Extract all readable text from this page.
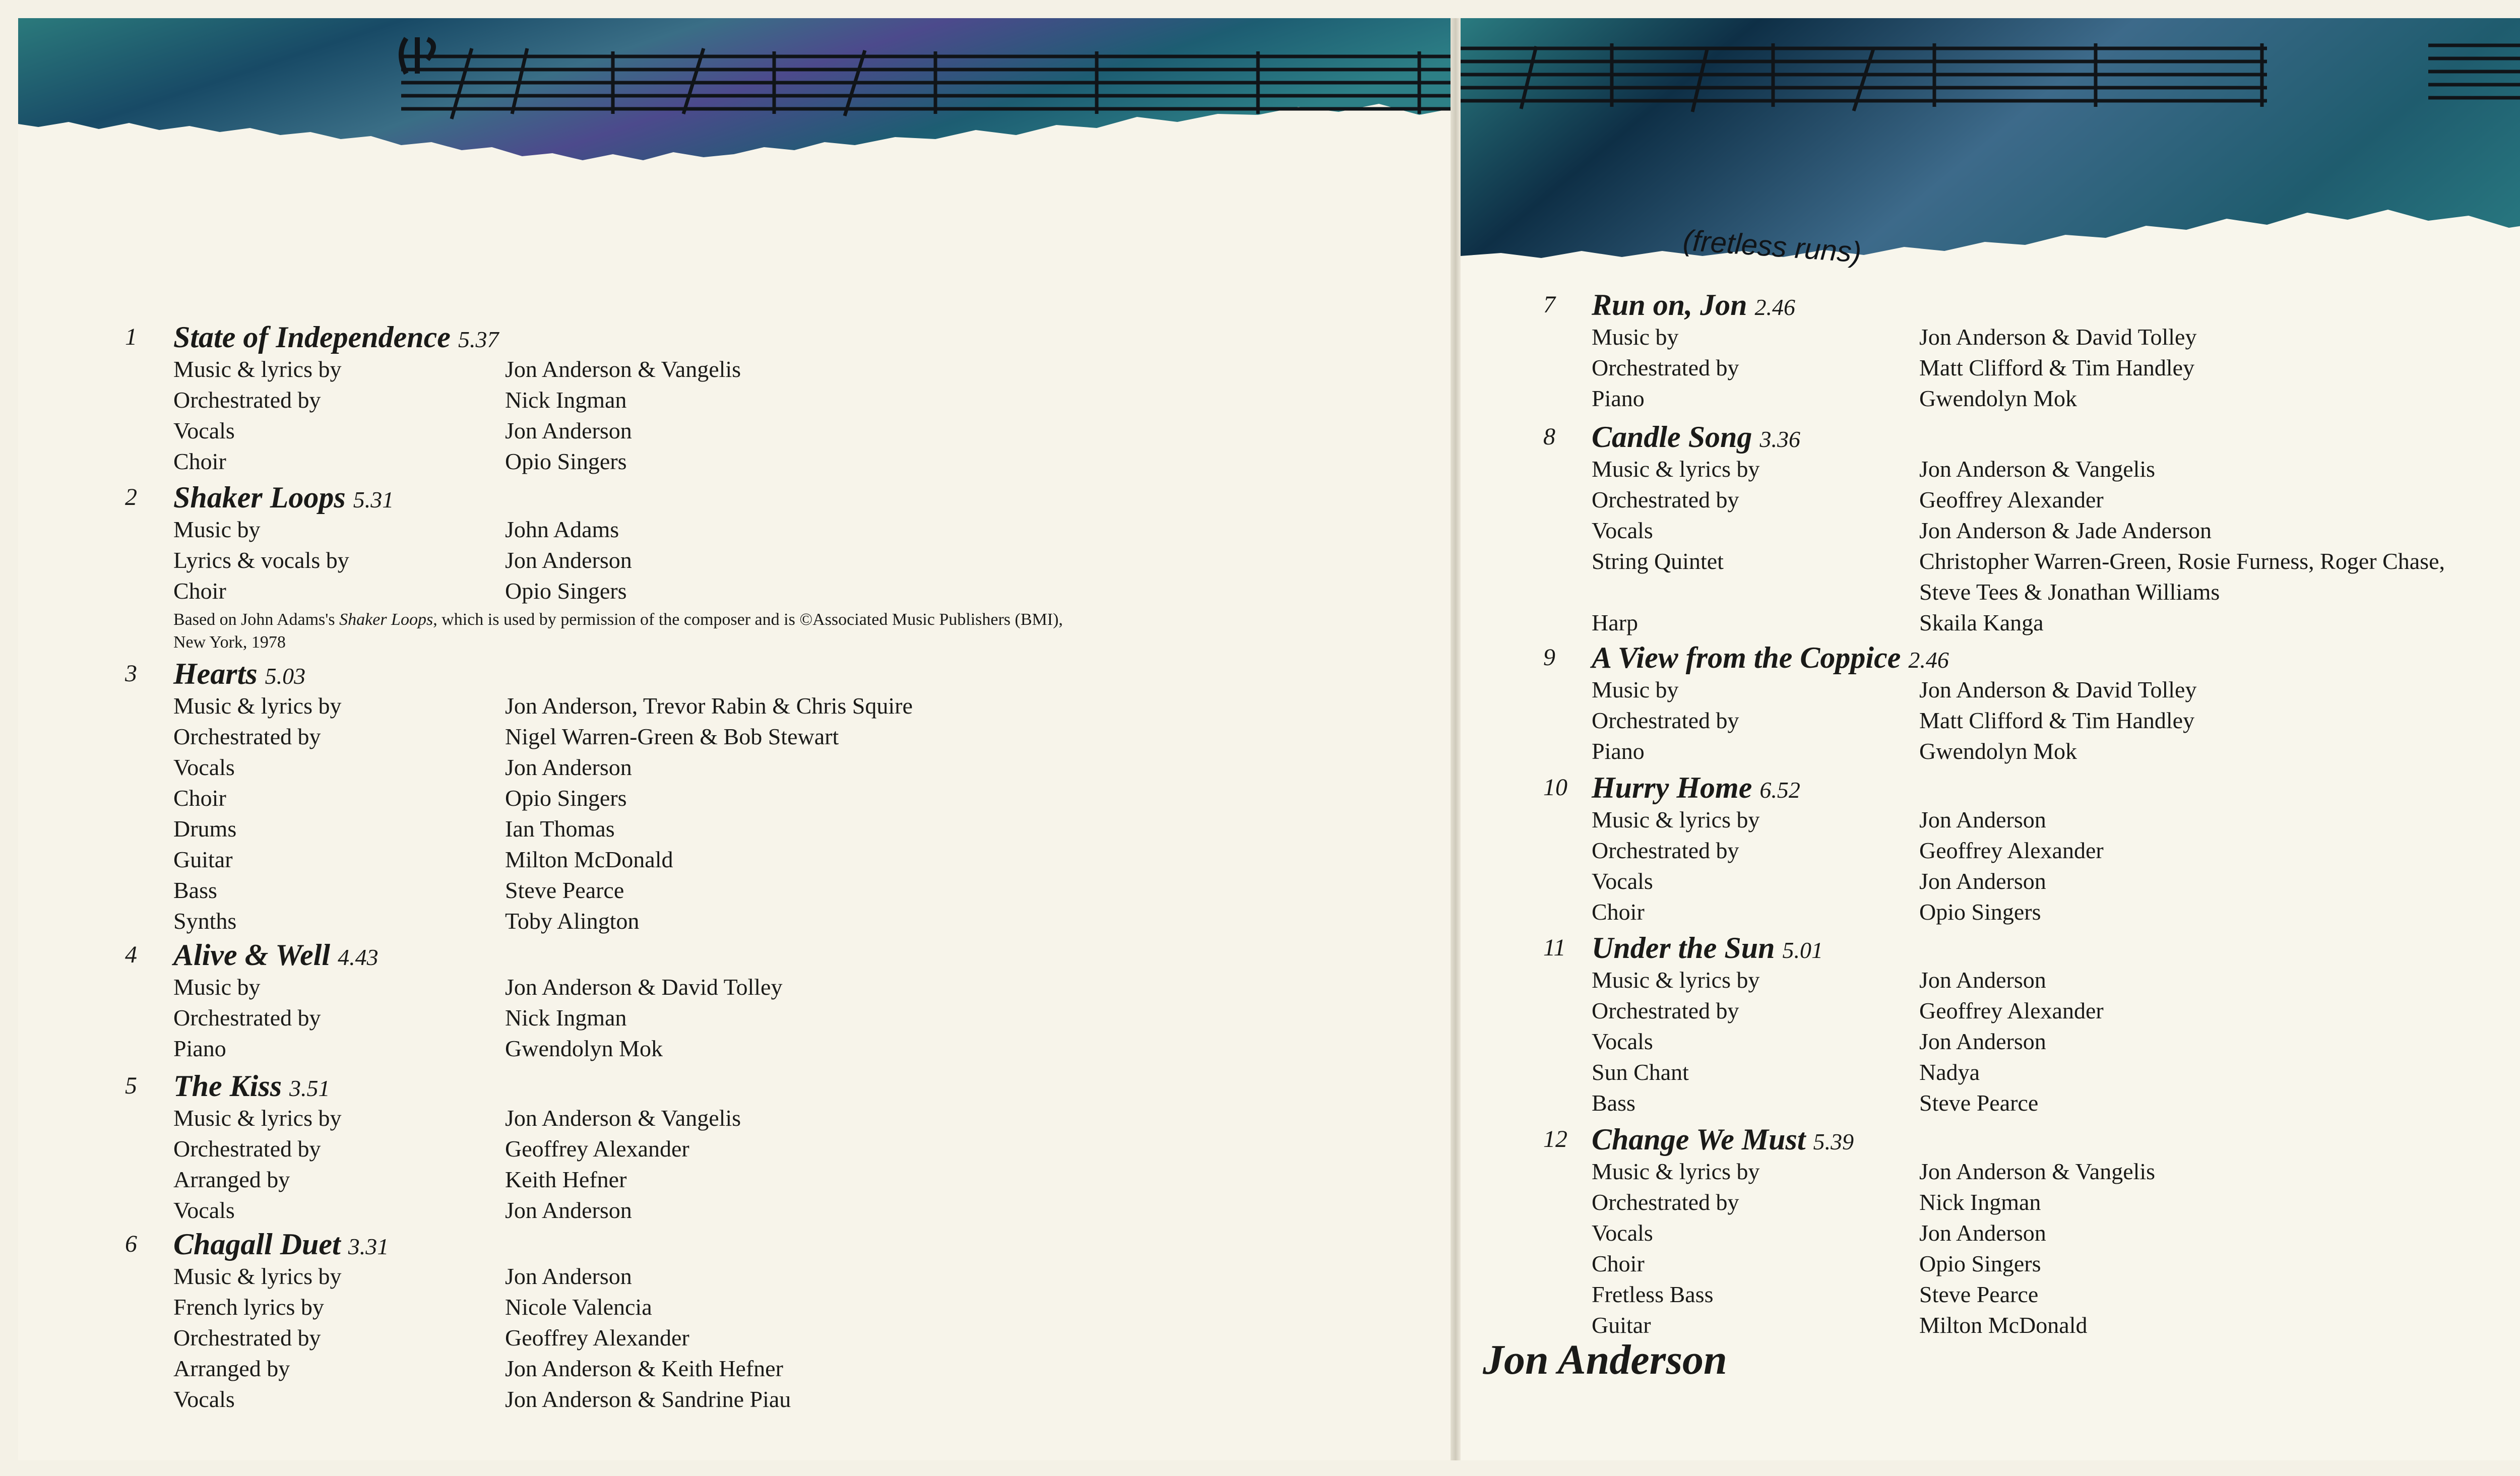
1	State of Independence 5.37
Music & lyrics by	Jon Anderson & Vangelis
Orchestrated by	Nick Ingman
Vocals	Jon Anderson
Choir	Opio Singers
2	Shaker Loops 5.31
Music by	John Adams
Lyrics & vocals by	Jon Anderson
Choir	Opio Singers
Based on John Adams's Shaker Loops, which is used by permission of the composer and is ©Associated Music Publishers (BMI), New York, 1978
3	Hearts 5.03
Music & lyrics by	Jon Anderson, Trevor Rabin & Chris Squire
Orchestrated by	Nigel Warren-Green & Bob Stewart
Vocals	Jon Anderson
Choir	Opio Singers
Drums	Ian Thomas
Guitar	Milton McDonald
Bass	Steve Pearce
Synths	Toby Alington
4	Alive & Well 4.43
Music by	Jon Anderson & David Tolley
Orchestrated by	Nick Ingman
Piano	Gwendolyn Mok
5	The Kiss 3.51
Music & lyrics by	Jon Anderson & Vangelis
Orchestrated by	Geoffrey Alexander
Arranged by	Keith Hefner
Vocals	Jon Anderson
6	Chagall Duet 3.31
Music & lyrics by	Jon Anderson
French lyrics by	Nicole Valencia
Orchestrated by	Geoffrey Alexander
Arranged by	Jon Anderson & Keith Hefner
Vocals	Jon Anderson & Sandrine Piau
(fretless runs)
7	Run on, Jon 2.46
Music by	Jon Anderson & David Tolley
Orchestrated by	Matt Clifford & Tim Handley
Piano	Gwendolyn Mok
8	Candle Song 3.36
Music & lyrics by	Jon Anderson & Vangelis
Orchestrated by	Geoffrey Alexander
Vocals	Jon Anderson & Jade Anderson
String Quintet	Christopher Warren-Green, Rosie Furness, Roger Chase,
Steve Tees & Jonathan Williams
Harp	Skaila Kanga
9	A View from the Coppice 2.46
Music by	Jon Anderson & David Tolley
Orchestrated by	Matt Clifford & Tim Handley
Piano	Gwendolyn Mok
10 Hurry Home 6.52
Music & lyrics by	Jon Anderson
Orchestrated by	Geoffrey Alexander
Vocals	Jon Anderson
Choir	Opio Singers
11 Under the Sun 5.01
Music & lyrics by	Jon Anderson
Orchestrated by	Geoffrey Alexander
Vocals	Jon Anderson
Sun Chant	Nadya
Bass	Steve Pearce
12 Change We Must 5.39
Music & lyrics by	Jon Anderson & Vangelis
Orchestrated by	Nick Ingman
Vocals	Jon Anderson
Choir	Opio Singers
Fretless Bass	Steve Pearce
Guitar	Milton McDonald
Jon Anderson
